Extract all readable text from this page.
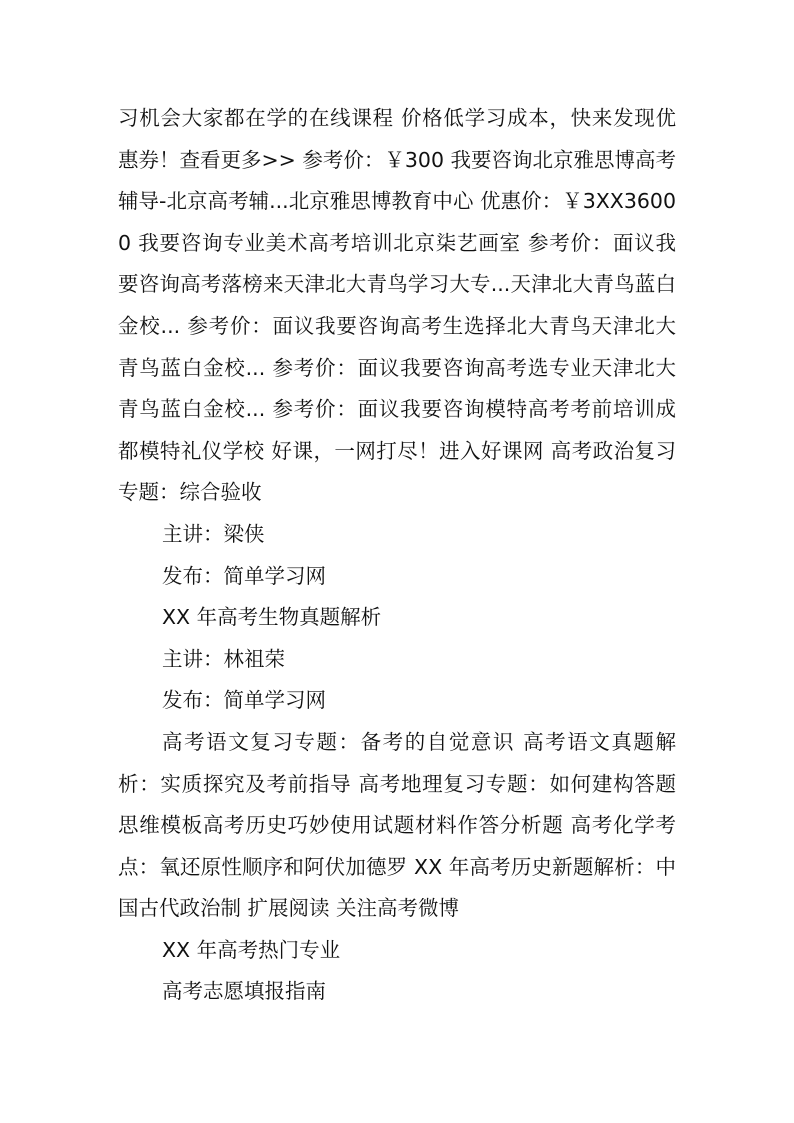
习机会大家都在学的在线课程 价格低学习成本，快来发现优惠券！查看更多>> 参考价：￥300 我要咨询北京雅思博高考辅导-北京高考辅...北京雅思博教育中心 优惠价：￥3XX36000 我要咨询专业美术高考培训北京柒艺画室 参考价：面议我要咨询高考落榜来天津北大青鸟学习大专...天津北大青鸟蓝白金校... 参考价：面议我要咨询高考生选择北大青鸟天津北大青鸟蓝白金校... 参考价：面议我要咨询高考选专业天津北大青鸟蓝白金校... 参考价：面议我要咨询模特高考考前培训成都模特礼仪学校 好课，一网打尽！进入好课网 高考政治复习专题：综合验收

主讲：梁侠

发布：简单学习网

XX 年高考生物真题解析

主讲：林祖荣

发布：简单学习网

高考语文复习专题：备考的自觉意识 高考语文真题解析：实质探究及考前指导 高考地理复习专题：如何建构答题思维模板高考历史巧妙使用试题材料作答分析题 高考化学考点：氧还原性顺序和阿伏加德罗 XX 年高考历史新题解析：中国古代政治制 扩展阅读 关注高考微博

XX 年高考热门专业

高考志愿填报指南
